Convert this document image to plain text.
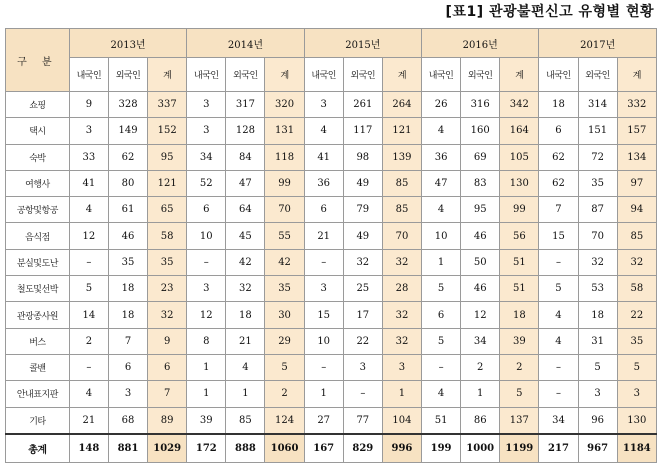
[표1] 관광불편신고 유형별 현황
구 분	2013년			2014년			2015년			2016년			2017년		
	내국인	외국인	계	내국인	외국인	계	내국인	외국인	계	내국인	외국인	계	내국인	외국인	계
쇼핑	9	328	337	3	317	320	3	261	264	26	316	342	18	314	332
택시	3	149	152	3	128	131	4	117	121	4	160	164	6	151	157
숙박	33	62	95	34	84	118	41	98	139	36	69	105	62	72	134
여행사	41	80	121	52	47	99	36	49	85	47	83	130	62	35	97
공항및항공	4	61	65	6	64	70	6	79	85	4	95	99	7	87	94
음식점	12	46	58	10	45	55	21	49	70	10	46	56	15	70	85
분실및도난	–	35	35	–	42	42	–	32	32	1	50	51	–	32	32
철도및선박	5	18	23	3	32	35	3	25	28	5	46	51	5	53	58
관광종사원	14	18	32	12	18	30	15	17	32	6	12	18	4	18	22
버스	2	7	9	8	21	29	10	22	32	5	34	39	4	31	35
콜밴	–	6	6	1	4	5	–	3	3	–	2	2	–	5	5
안내표지판	4	3	7	1	1	2	1	–	1	4	1	5	–	3	3
기타	21	68	89	39	85	124	27	77	104	51	86	137	34	96	130
총계	148	881	1029	172	888	1060	167	829	996	199	1000	1199	217	967	1184
